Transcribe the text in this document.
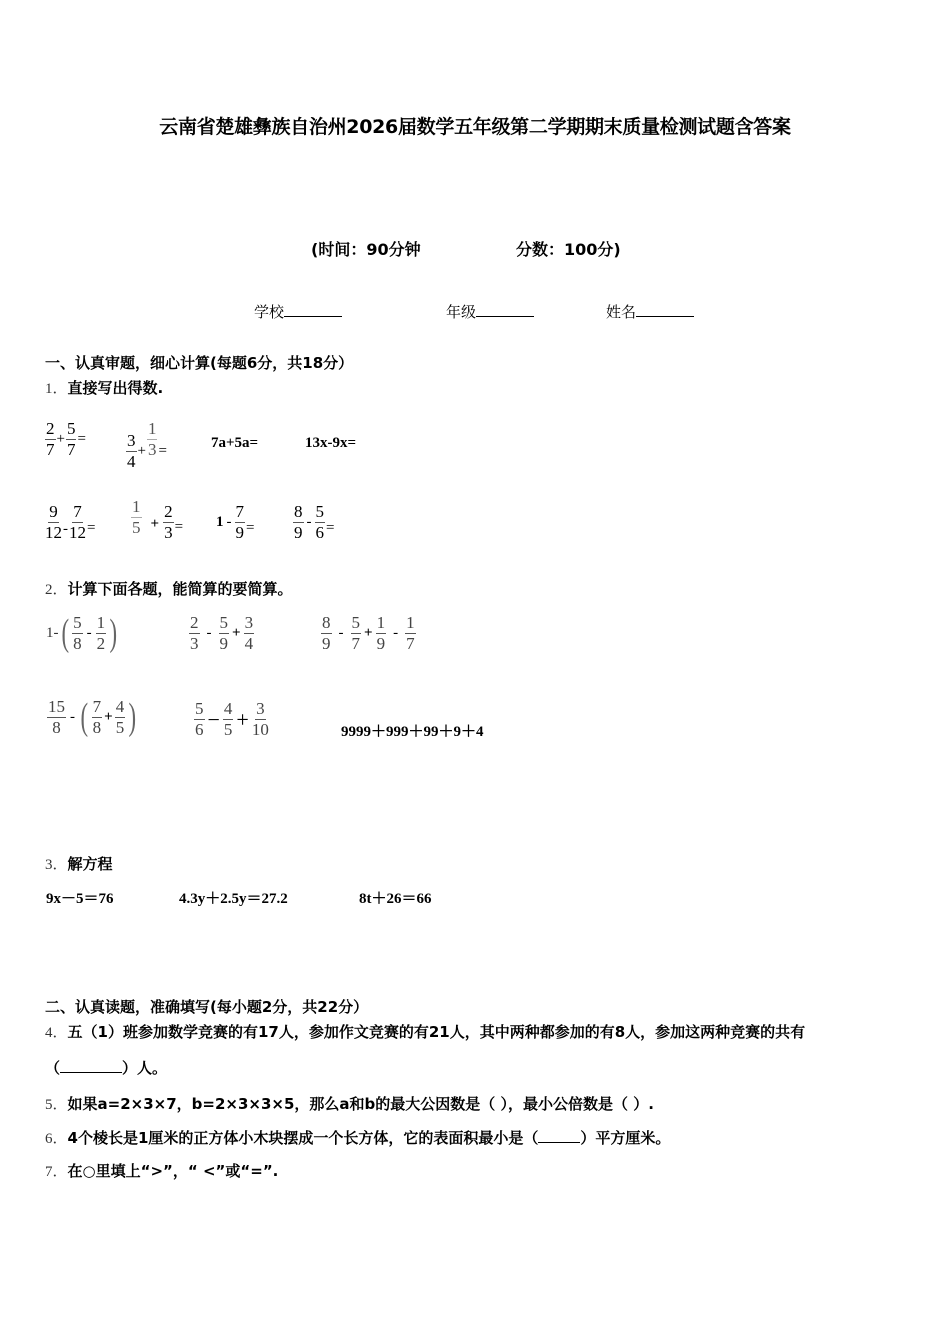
云南省楚雄彝族自治州2026届数学五年级第二学期期末质量检测试题含答案
(时间：90分钟	分数：100分)
学校	年级	姓名
一、认真审题，细心计算(每题6分，共18分）
1．直接写出得数.
$\frac{2}{7} + \frac{5}{7} = \frac{3}{4} + \frac{1}{3}$ =	7a+5a=	13x-9x=
$\frac{9}{12} - \frac{7}{12} = \frac{1}{5} + \frac{2}{3} = 1 - \frac{7}{9} = \frac{8}{9} - \frac{5}{6}$ =
2．计算下面各题，能简算的要简算。
1- ( $\frac{5}{8} - \frac{1}{2}$ )	$\frac{2}{3} - \frac{5}{9} + \frac{3}{4}$	$\frac{8}{9} - \frac{5}{7} + \frac{1}{9} - \frac{1}{7}$
$\frac{15}{8}$ - ( $\frac{7}{8} + \frac{4}{5}$ )	$\frac{5}{6} - \frac{4}{5} + \frac{3}{10}$	9999＋999＋99＋9＋4
3．解方程
9x－5＝76	4.3y＋2.5y＝27.2	8t＋26＝66
二、认真读题，准确填写(每小题2分，共22分）
4．五（1）班参加数学竞赛的有17人，参加作文竞赛的有21人，其中两种都参加的有8人，参加这两种竞赛的共有
（	）人。
5．如果a=2×3×7，b=2×3×3×5，那么a和b的最大公因数是（ ），最小公倍数是（ ）.
6．4个棱长是1厘米的正方体小木块摆成一个长方体，它的表面积最小是（	）平方厘米。
7．在○里填上“>”，“ <”或“=”.
